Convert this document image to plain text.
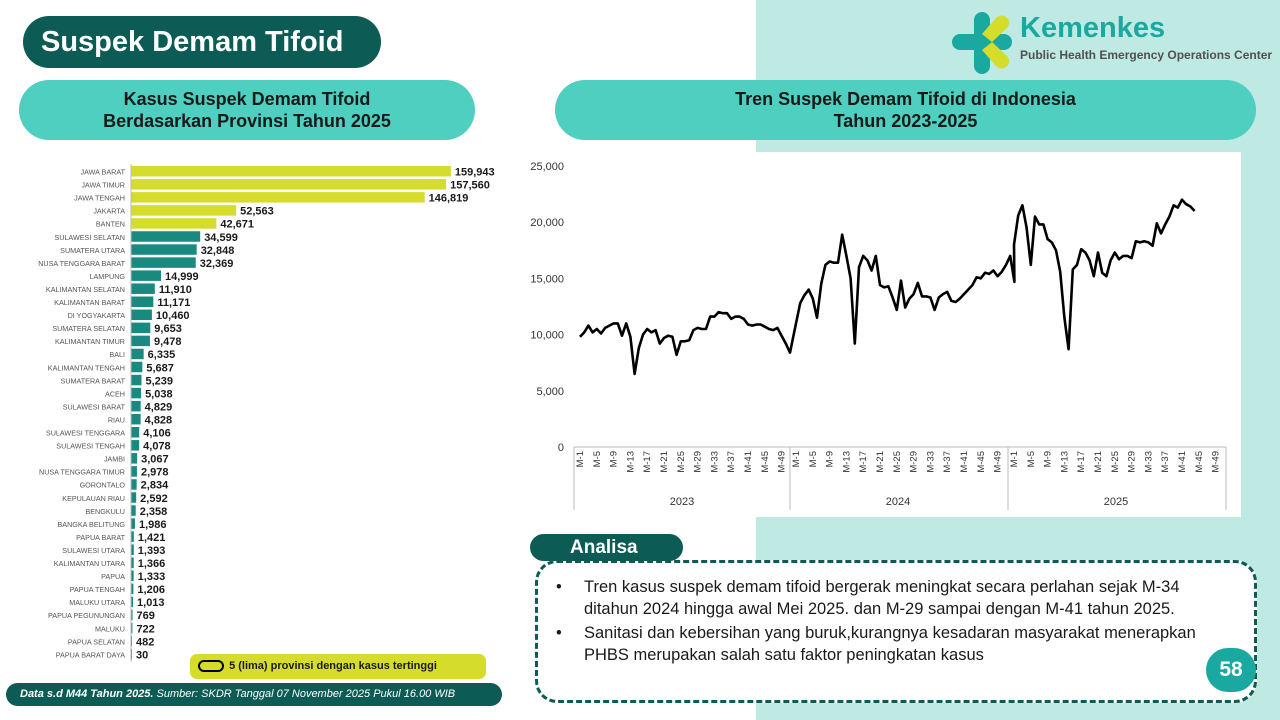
Suspek Demam Tifoid	Kemenkes
Public Health Emergency Operations Center
Kasus Suspek Demam Tifoid
Berdasarkan Provinsi Tahun 2025
Tren Suspek Demam Tifoid di Indonesia
Tahun 2023-2025
JAWA BARAT	159,943
JAWA TIMUR	157,560
JAWA TENGAH	146,819
JAKARTA	52,563
BANTEN	42,671
SULAWESI SELATAN	34,599
SUMATERA UTARA	32,848
NUSA TENGGARA BARAT	32,369
LAMPUNG	14,999
KALIMANTAN SELATAN	11,910
KALIMANTAN BARAT	11,171
DI YOGYAKARTA	10,460
SUMATERA SELATAN	9,653
KALIMANTAN TIMUR	9,478
BALI 6,335
KALIMANTAN TENGAH 5,687
SUMATERA BARAT 5,239
ACEH 5,038
SULAWESI BARAT 4,829
RIAU 4,828
SULAWESI TENGGARA 4,106
SULAWESI TENGAH 4,078
JAMBI 3,067
NUSA TENGGARA TIMUR 2,978
GORONTALO 2,834
KEPULAUAN RIAU 2,592
BENGKULU 2,358
BANGKA BELITUNG 1,986
PAPUA BARAT 1,421
SULAWESI UTARA 1,393
KALIMANTAN UTARA 1,366
PAPUA 1,333
PAPUA TENGAH 1,206
MALUKU UTARA 1,013
PAPUA PEGUNUNGAN 769
MALUKU 722
PAPUA SELATAN 482
PAPUA BARAT DAYA 30
5 (lima) provinsi dengan kasus tertinggi
Data s.d M44 Tahun 2025. Sumber: SKDR Tanggal 07 November 2025 Pukul 16.00 WIB
0
5,000
10,000
15,000
20,000
25,000
M-1 M-5 M-9 M-13 M-17 M-21 M-25 M-29 M-33 M-37 M-41 M-45 M-49
2023
M-1 M-5 M-9 M-13 M-17 M-21 M-25 M-29 M-33 M-37 M-41 M-45 M-49
2024
M-1 M-5 M-9 M-13 M-17 M-21 M-25 M-29 M-33 M-37 M-41 M-45 M-49
2025
Analisa
• Tren kasus suspek demam tifoid bergerak meningkat secara perlahan sejak M-34 ditahun 2024 hingga awal Mei 2025. dan M-29 sampai dengan M-41 tahun 2025.
• Sanitasi dan kebersihan yang buruk,kurangnya kesadaran masyarakat menerapkan PHBS merupakan salah satu faktor peningkatan kasus
58
